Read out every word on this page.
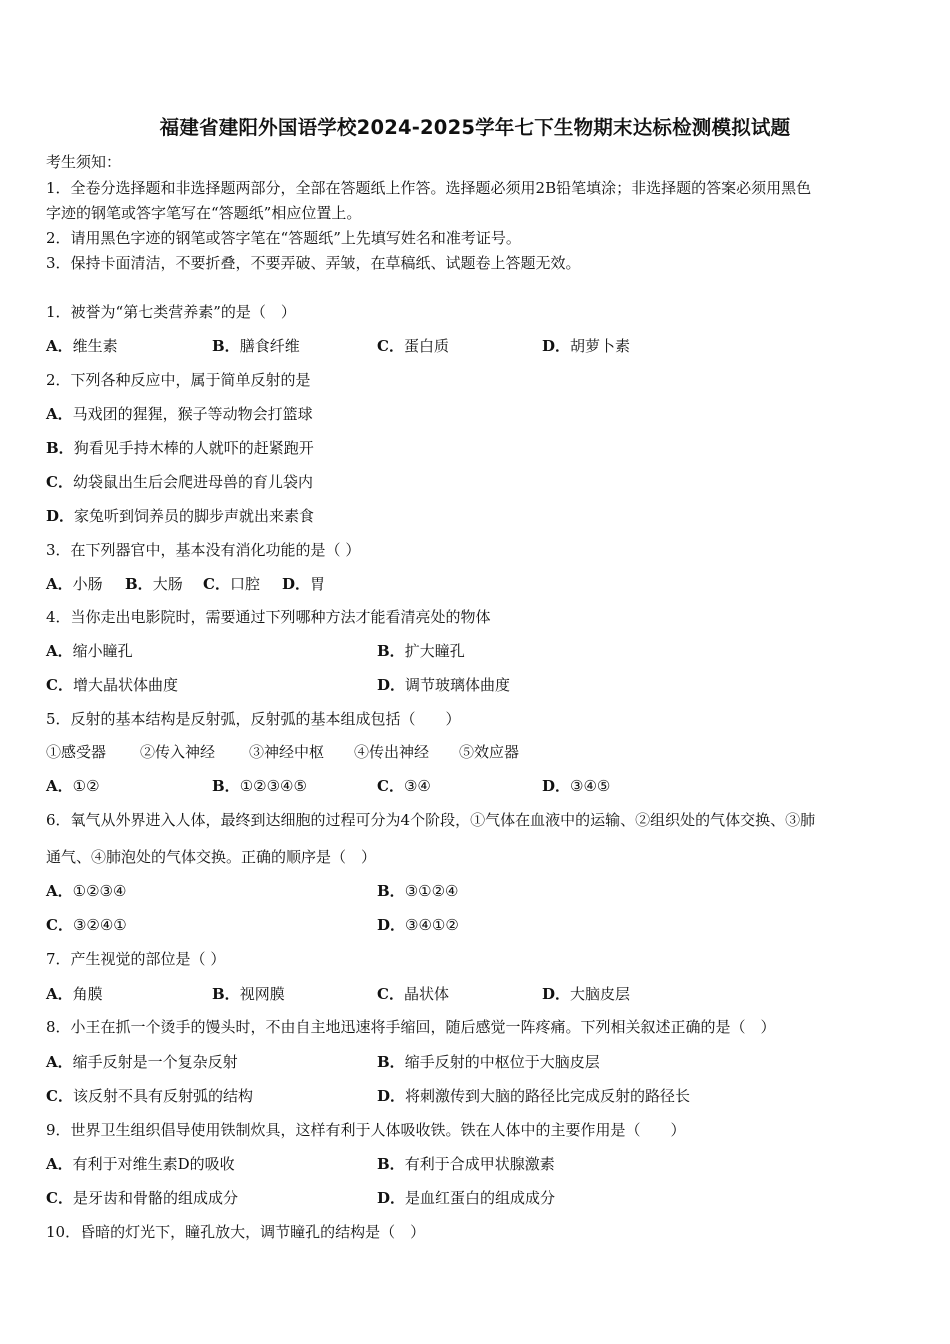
福建省建阳外国语学校2024-2025学年七下生物期末达标检测模拟试题
考生须知：
1．全卷分选择题和非选择题两部分，全部在答题纸上作答。选择题必须用2B铅笔填涂；非选择题的答案必须用黑色
字迹的钢笔或答字笔写在“答题纸”相应位置上。
2．请用黑色字迹的钢笔或答字笔在“答题纸”上先填写姓名和准考证号。
3．保持卡面清洁，不要折叠，不要弄破、弄皱，在草稿纸、试题卷上答题无效。
1．被誉为“第七类营养素”的是（　）
A．维生素	B．膳食纤维	C．蛋白质	D．胡萝卜素
2．下列各种反应中，属于简单反射的是
A．马戏团的猩猩，猴子等动物会打篮球
B．狗看见手持木棒的人就吓的赶紧跑开
C．幼袋鼠出生后会爬进母兽的育儿袋内
D．家兔听到饲养员的脚步声就出来素食
3．在下列器官中，基本没有消化功能的是（ ）
A．小肠 B．大肠 C．口腔 D．胃
4．当你走出电影院时，需要通过下列哪种方法才能看清亮处的物体
A．缩小瞳孔	B．扩大瞳孔
C．增大晶状体曲度	D．调节玻璃体曲度
5．反射的基本结构是反射弧，反射弧的基本组成包括（　　）
①感受器 ②传入神经 ③神经中枢 ④传出神经 ⑤效应器
A．①②	B．①②③④⑤	C．③④	D．③④⑤
6．氧气从外界进入人体，最终到达细胞的过程可分为4个阶段，①气体在血液中的运输、②组织处的气体交换、③肺
通气、④肺泡处的气体交换。正确的顺序是（　）
A．①②③④	B．③①②④
C．③②④①	D．③④①②
7．产生视觉的部位是（ ）
A．角膜	B．视网膜	C．晶状体	D．大脑皮层
8．小王在抓一个烫手的馒头时，不由自主地迅速将手缩回，随后感觉一阵疼痛。下列相关叙述正确的是（　）
A．缩手反射是一个复杂反射	B．缩手反射的中枢位于大脑皮层
C．该反射不具有反射弧的结构	D．将刺激传到大脑的路径比完成反射的路径长
9．世界卫生组织倡导使用铁制炊具，这样有利于人体吸收铁。铁在人体中的主要作用是（　　）
A．有利于对维生素D的吸收	B．有利于合成甲状腺激素
C．是牙齿和骨骼的组成成分	D．是血红蛋白的组成成分
10．昏暗的灯光下，瞳孔放大，调节瞳孔的结构是（　）
